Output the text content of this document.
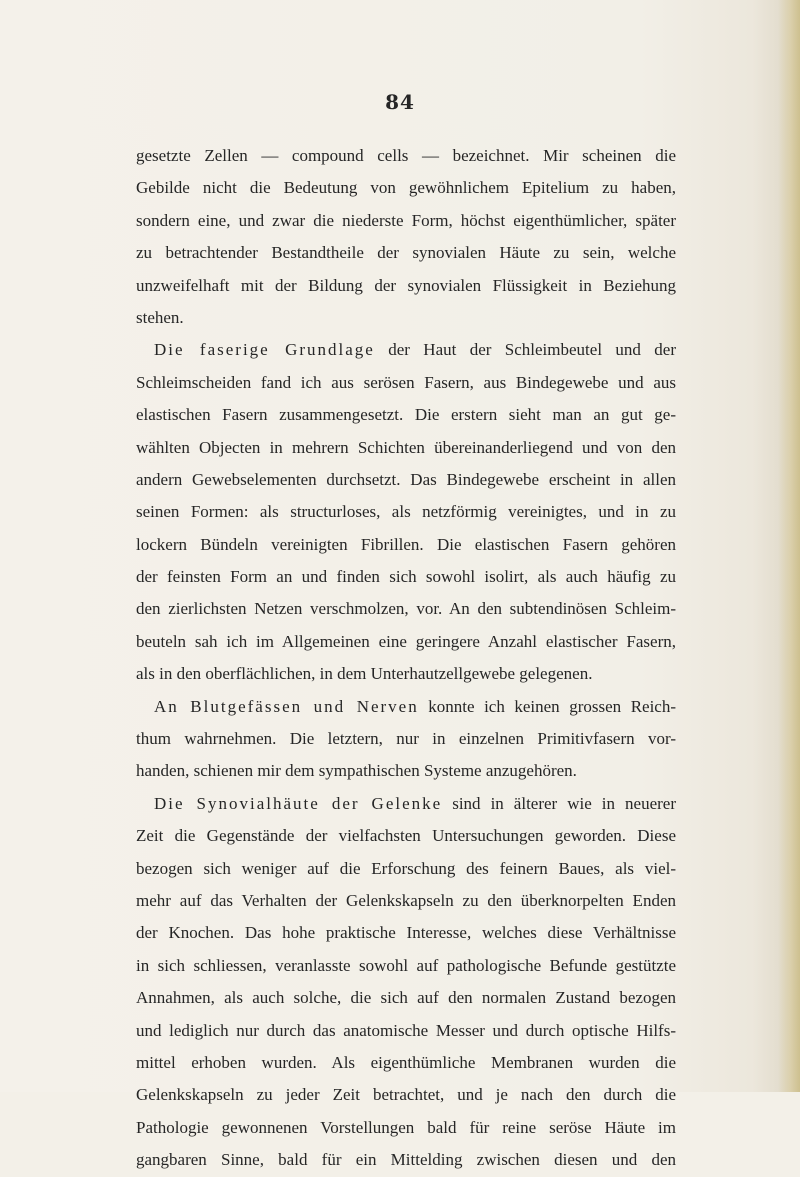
84
gesetzte Zellen — compound cells — bezeichnet. Mir scheinen die
Gebilde nicht die Bedeutung von gewöhnlichem Epitelium zu haben,
sondern eine, und zwar die niederste Form, höchst eigenthümlicher, später
zu betrachtender Bestandtheile der synovialen Häute zu sein, welche
unzweifelhaft mit der Bildung der synovialen Flüssigkeit in Beziehung
stehen.
Die faserige Grundlage der Haut der Schleimbeutel und der
Schleimscheiden fand ich aus serösen Fasern, aus Bindegewebe und aus
elastischen Fasern zusammengesetzt. Die erstern sieht man an gut ge-
wählten Objecten in mehrern Schichten übereinanderliegend und von den
andern Gewebselementen durchsetzt. Das Bindegewebe erscheint in allen
seinen Formen: als structurloses, als netzförmig vereinigtes, und in zu
lockern Bündeln vereinigten Fibrillen. Die elastischen Fasern gehören
der feinsten Form an und finden sich sowohl isolirt, als auch häufig zu
den zierlichsten Netzen verschmolzen, vor. An den subtendinösen Schleim-
beuteln sah ich im Allgemeinen eine geringere Anzahl elastischer Fasern,
als in den oberflächlichen, in dem Unterhautzellgewebe gelegenen.
An Blutgefässen und Nerven konnte ich keinen grossen Reich-
thum wahrnehmen. Die letztern, nur in einzelnen Primitivfasern vor-
handen, schienen mir dem sympathischen Systeme anzugehören.
Die Synovialhäute der Gelenke sind in älterer wie in neuerer
Zeit die Gegenstände der vielfachsten Untersuchungen geworden. Diese
bezogen sich weniger auf die Erforschung des feinern Baues, als viel-
mehr auf das Verhalten der Gelenkskapseln zu den überknorpelten Enden
der Knochen. Das hohe praktische Interesse, welches diese Verhältnisse
in sich schliessen, veranlasste sowohl auf pathologische Befunde gestützte
Annahmen, als auch solche, die sich auf den normalen Zustand bezogen
und lediglich nur durch das anatomische Messer und durch optische Hilfs-
mittel erhoben wurden. Als eigenthümliche Membranen wurden die
Gelenkskapseln zu jeder Zeit betrachtet, und je nach den durch die
Pathologie gewonnenen Vorstellungen bald für reine seröse Häute im
gangbaren Sinne, bald für ein Mittelding zwischen diesen und den
